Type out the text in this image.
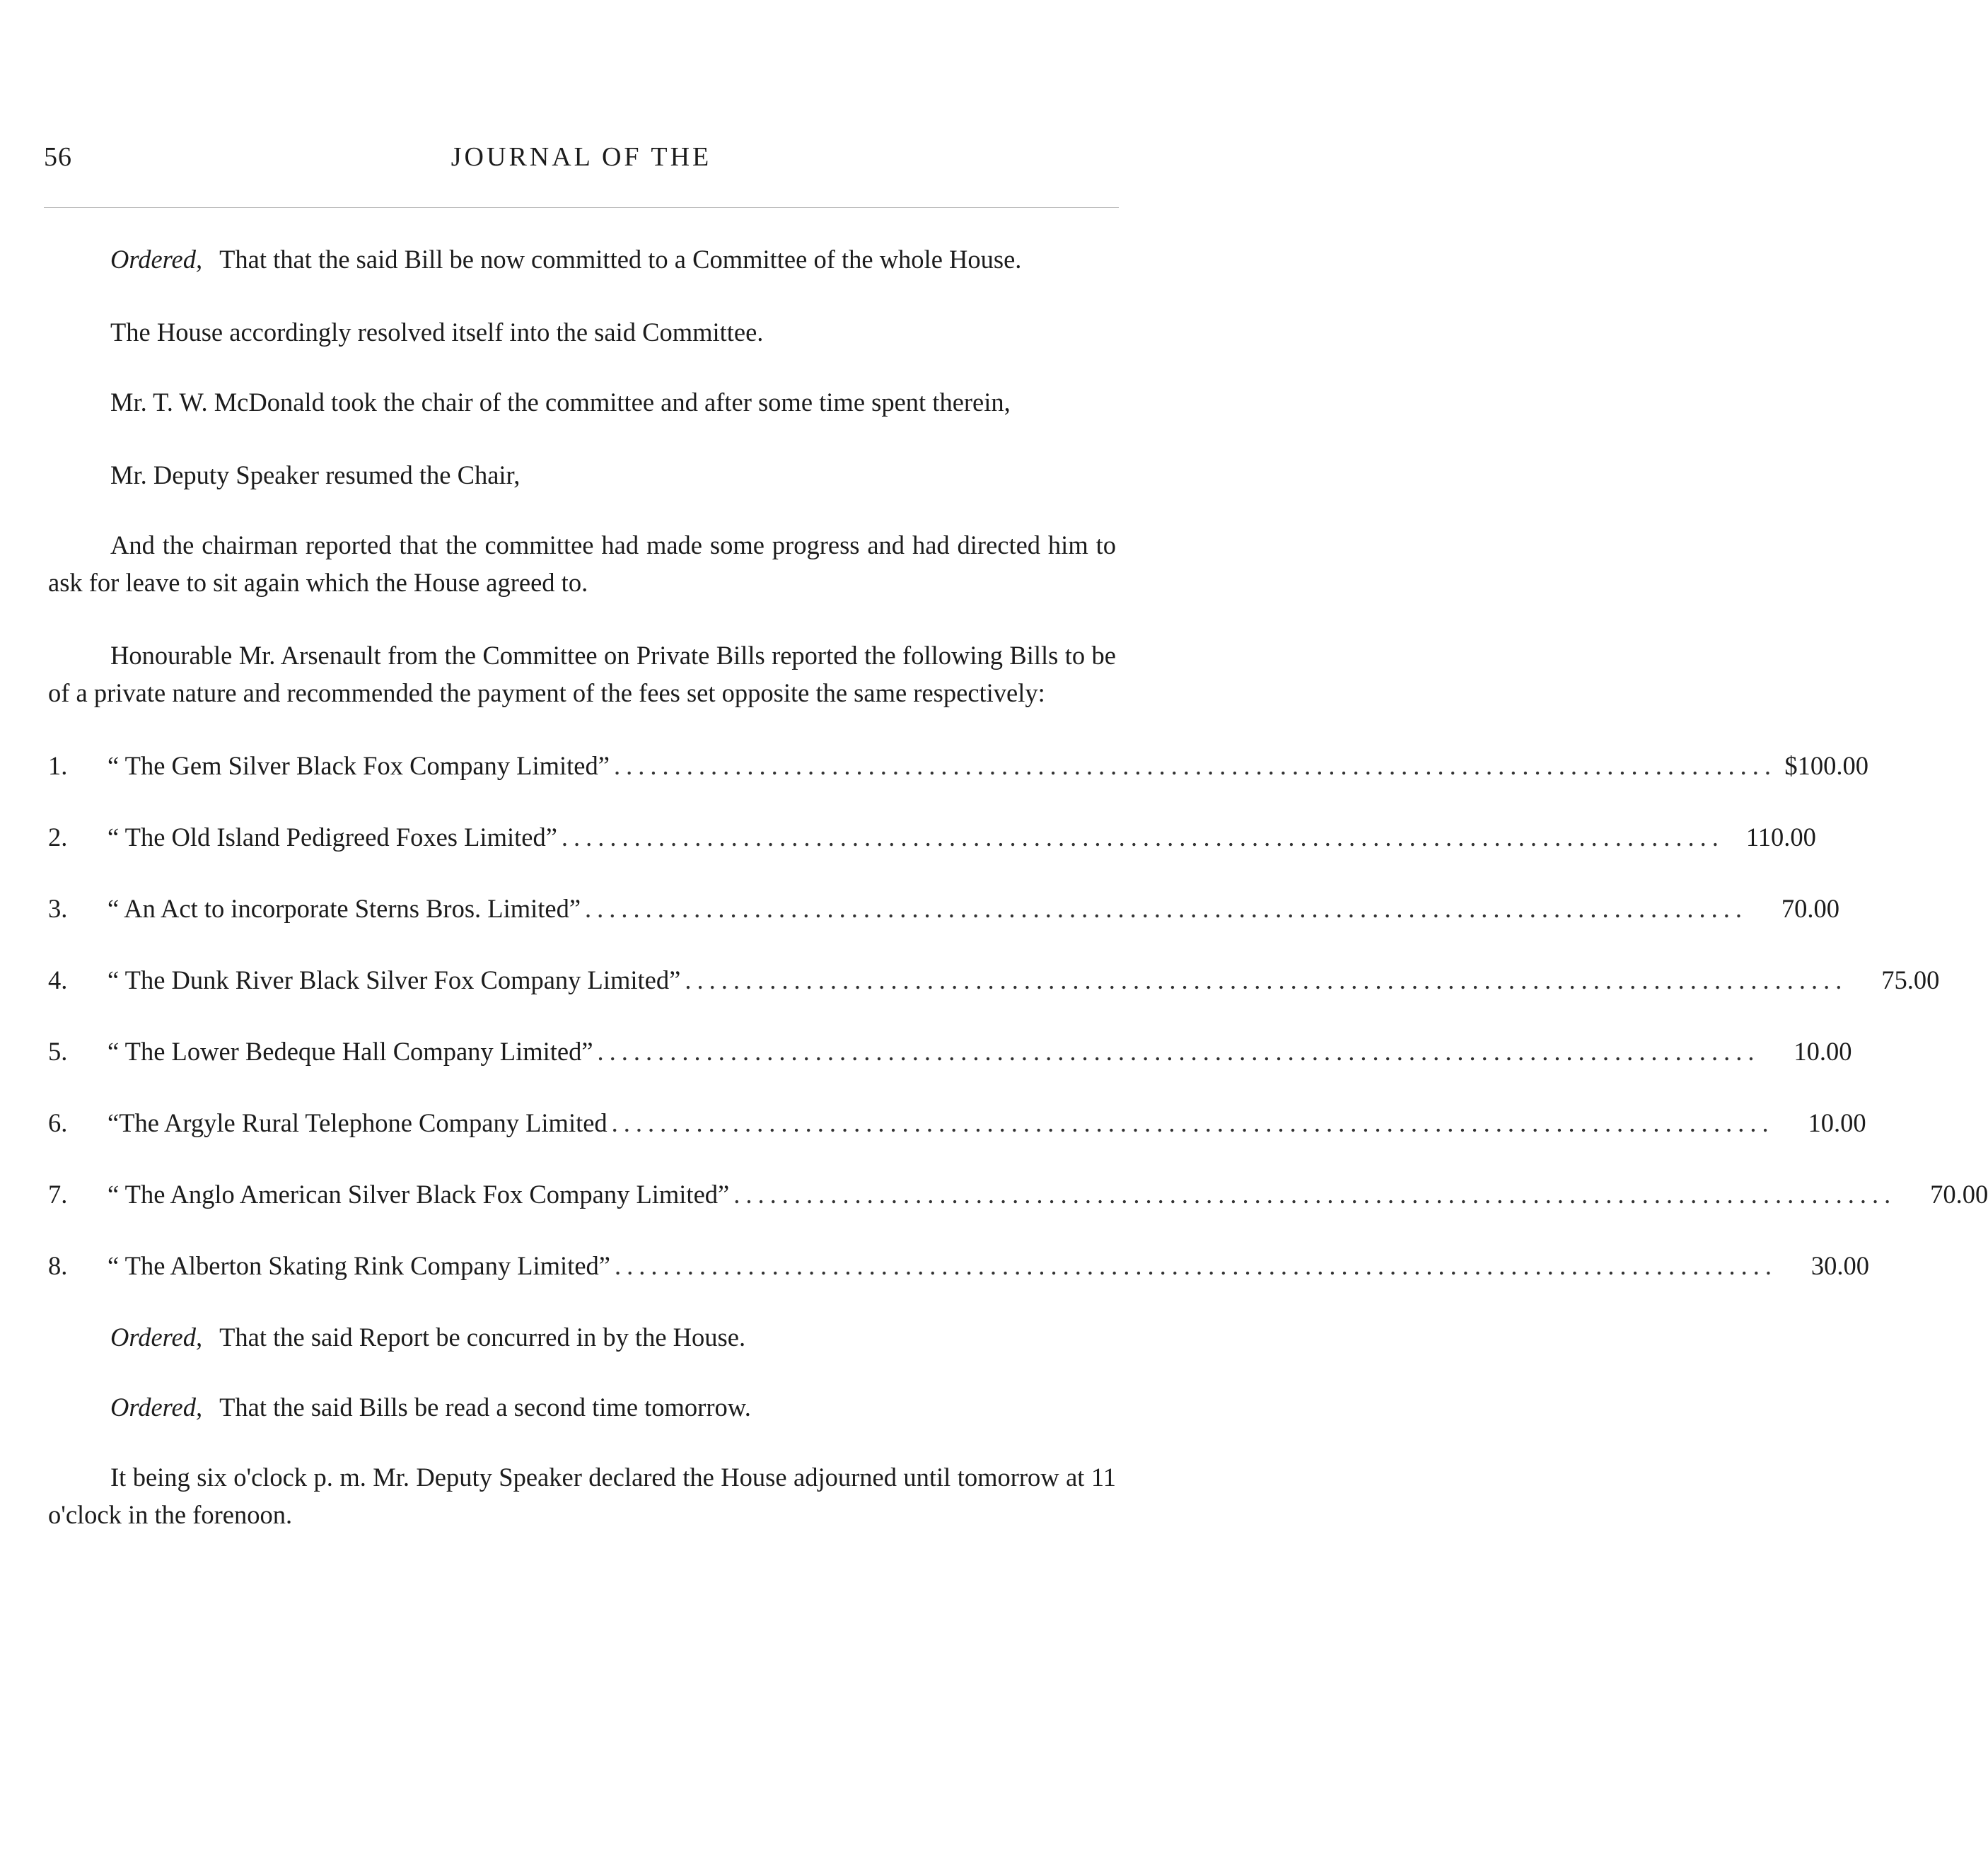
56	JOURNAL OF THE

Ordered, That that the said Bill be now committed to a Committee of the whole House.

The House accordingly resolved itself into the said Committee.

Mr. T. W. McDonald took the chair of the committee and after some time spent therein,

Mr. Deputy Speaker resumed the Chair,

And the chairman reported that the committee had made some progress and had directed him to ask for leave to sit again which the House agreed to.

Honourable Mr. Arsenault from the Committee on Private Bills reported the following Bills to be of a private nature and recommended the payment of the fees set opposite the same respectively:

1.	“ The Gem Silver Black Fox Company Limited” ................................................................................................ $100.00
2.	“ The Old Island Pedigreed Foxes Limited” ................................................................................................ 110.00
3.	“ An Act to incorporate Sterns Bros. Limited” ................................................................................................	70.00
4.	“ The Dunk River Black Silver Fox Company Limited” ................................................................................................	75.00
5.	“ The Lower Bedeque Hall Company Limited” ................................................................................................	10.00
6.	“The Argyle Rural Telephone Company Limited ................................................................................................	10.00
7.	“ The Anglo American Silver Black Fox Company Limited” ................................................................................................	70.00
8.	“ The Alberton Skating Rink Company Limited” ................................................................................................	30.00

Ordered, That the said Report be concurred in by the House.

Ordered, That the said Bills be read a second time tomorrow.

It being six o'clock p. m. Mr. Deputy Speaker declared the House adjourned until tomorrow at 11 o'clock in the forenoon.
